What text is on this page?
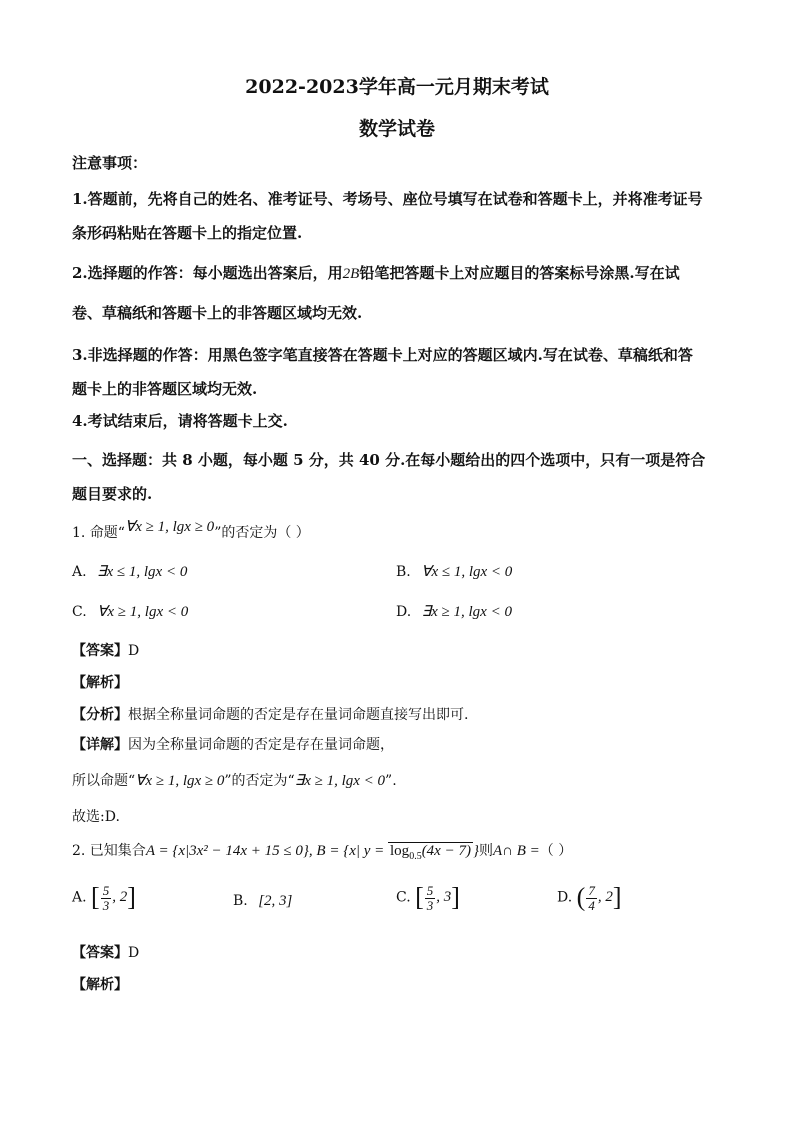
2022-2023学年高一元月期末考试
数学试卷
注意事项：
1.答题前，先将自己的姓名、准考证号、考场号、座位号填写在试卷和答题卡上，并将准考证号
条形码粘贴在答题卡上的指定位置.
2.选择题的作答：每小题选出答案后，用2B铅笔把答题卡上对应题目的答案标号涂黑.写在试
卷、草稿纸和答题卡上的非答题区域均无效.
3.非选择题的作答：用黑色签字笔直接答在答题卡上对应的答题区域内.写在试卷、草稿纸和答
题卡上的非答题区域均无效.
4.考试结束后，请将答题卡上交.
一、选择题：共 8 小题，每小题 5 分，共 40 分.在每小题给出的四个选项中，只有一项是符合
题目要求的.
1. 命题“∀x ≥ 1, lgx ≥ 0”的否定为（ ）
A. ∃x ≤ 1, lgx < 0	B. ∀x ≤ 1, lgx < 0
C. ∀x ≥ 1, lgx < 0	D. ∃x ≥ 1, lgx < 0
【答案】D
【解析】
【分析】根据全称量词命题的否定是存在量词命题直接写出即可.
【详解】因为全称量词命题的否定是存在量词命题，
所以命题“∀x ≥ 1, lgx ≥ 0”的否定为“∃x ≥ 1, lgx < 0”.
故选:D.
2. 已知集合A = {x|3x² − 14x + 15 ≤ 0}, B = {x| $y = \log_{0.5}(4x - 7)$ }则A∩ B =（ ）
A. [ $\frac{5}{3}$ , 2]	B. [2, 3]	C. [ $\frac{5}{3}$ , 3]	D. ( $\frac{7}{4}$ , 2]
【答案】D
【解析】
